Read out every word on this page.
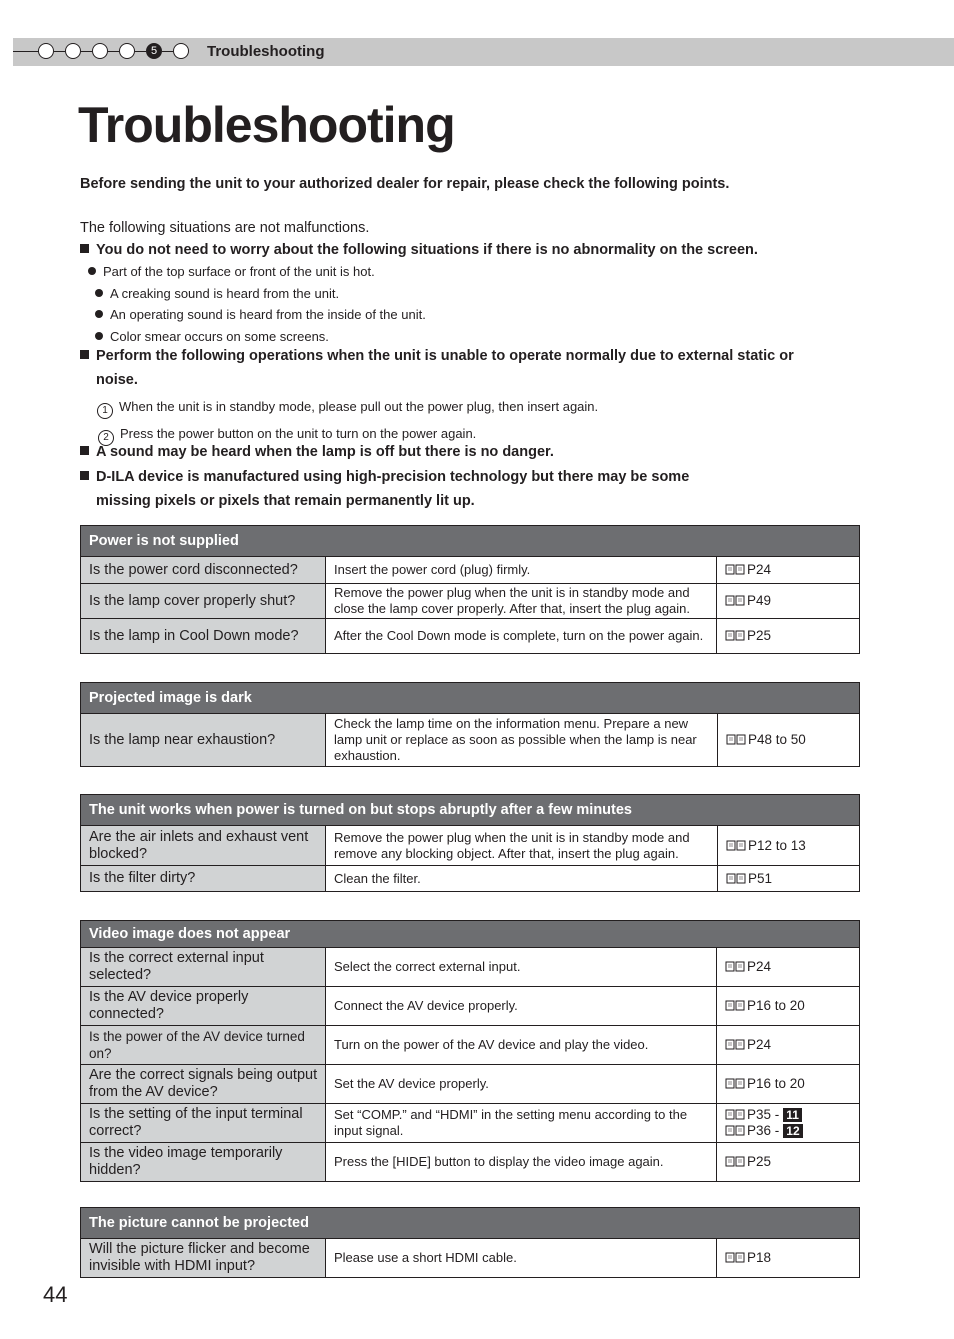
5	Troubleshooting
Troubleshooting
Before sending the unit to your authorized dealer for repair, please check the following points.
The following situations are not malfunctions.
You do not need to worry about the following situations if there is no abnormality on the screen.
Part of the top surface or front of the unit is hot.
A creaking sound is heard from the unit.
An operating sound is heard from the inside of the unit.
Color smear occurs on some screens.
Perform the following operations when the unit is unable to operate normally due to external static or
noise.
1 When the unit is in standby mode, please pull out the power plug, then insert again.
2 Press the power button on the unit to turn on the power again.
A sound may be heard when the lamp is off but there is no danger.
D-ILA device is manufactured using high-precision technology but there may be some
missing pixels or pixels that remain permanently lit up.
Power is not supplied		
Is the power cord disconnected?	Insert the power cord (plug) firmly.	P24
Is the lamp cover properly shut?	Remove the power plug when the unit is in standby mode and close the lamp cover properly. After that, insert the plug again.	P49
Is the lamp in Cool Down mode?	After the Cool Down mode is complete, turn on the power again.	P25
Projected image is dark
Is the lamp near exhaustion?	Check the lamp time on the information menu. Prepare a new lamp unit or replace as soon as possible when the lamp is near exhaustion.	P48 to 50
The unit works when power is turned on but stops abruptly after a few minutes		
Are the air inlets and exhaust vent blocked?	Remove the power plug when the unit is in standby mode and remove any blocking object. After that, insert the plug again.	P12 to 13
Is the filter dirty?	Clean the filter.	P51
Video image does not appear		
Is the correct external input selected?	Select the correct external input.	P24
Is the AV device properly connected?	Connect the AV device properly.	P16 to 20
Is the power of the AV device turned on?	Turn on the power of the AV device and play the video.	P24
Are the correct signals being output from the AV device?	Set the AV device properly.	P16 to 20
Is the setting of the input terminal correct?	Set “COMP.” and “HDMI” in the setting menu according to the input signal.	P35 - 11
P36 - 12

Is the video image temporarily hidden?	Press the [HIDE] button to display the video image again.	P25
The picture cannot be projected
Will the picture flicker and become invisible with HDMI input?	Please use a short HDMI cable.	P18
44
